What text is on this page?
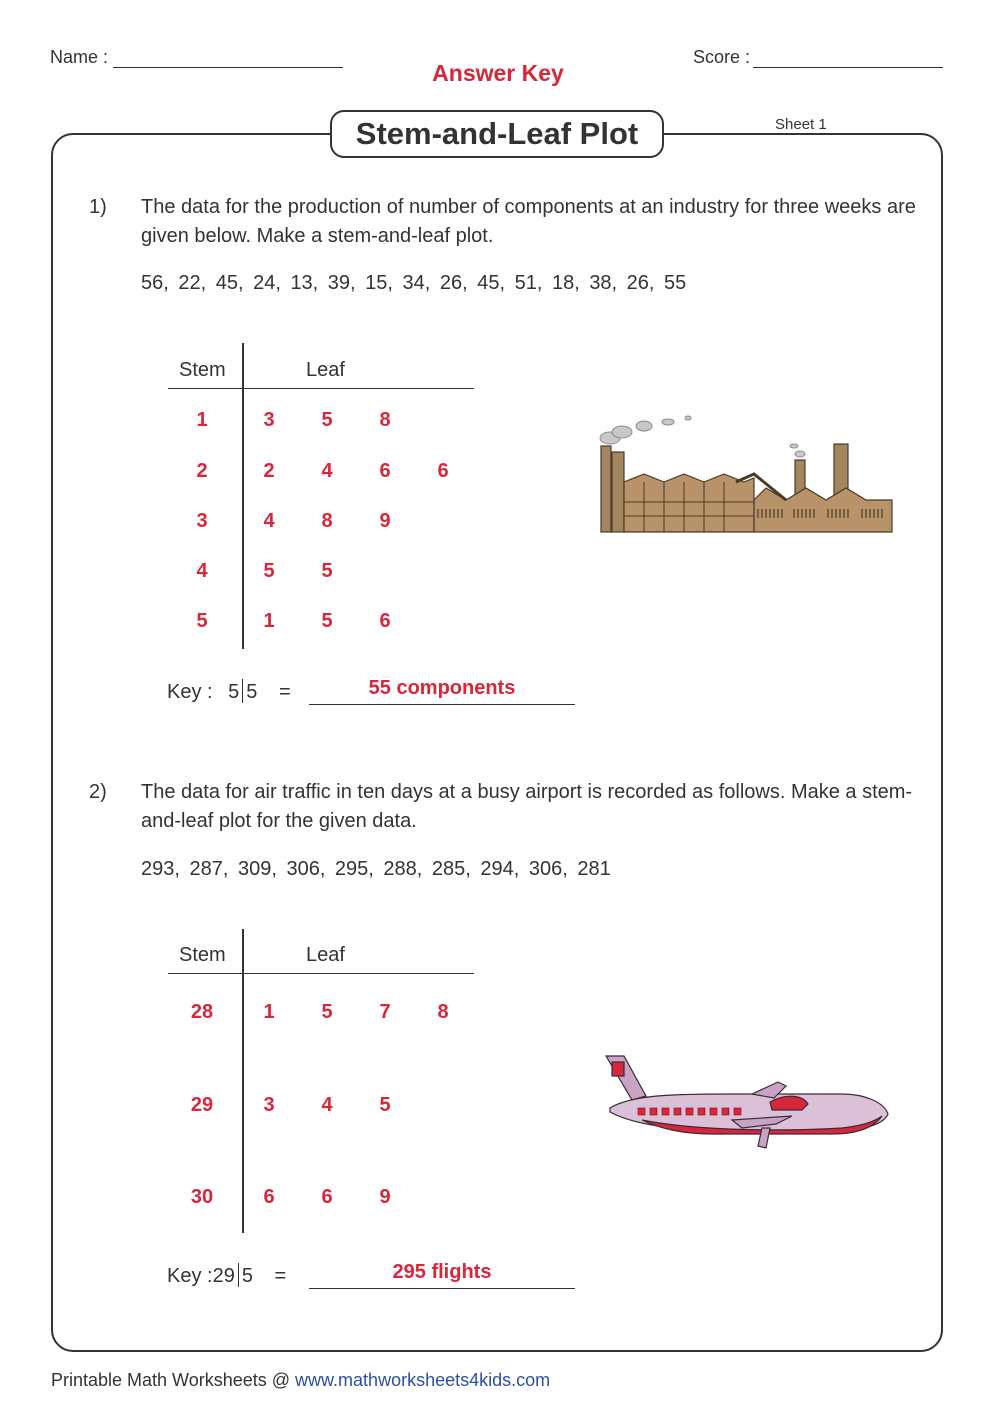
Name :	Score :
Answer Key
Stem-and-Leaf Plot	Sheet 1
1) The data for the production of number of components at an industry for three weeks are given below. Make a stem-and-leaf plot.
56, 22, 45, 24, 13, 39, 15, 34, 26, 45, 51, 18, 38, 26, 55
Stem	Leaf
1	3	5	8
2	2	4	6	6
3	4	8	9
4	5	5
5	1	5	6
Key : 5 5 =	55 components
2) The data for air traffic in ten days at a busy airport is recorded as follows. Make a stem-and-leaf plot for the given data.
293, 287, 309, 306, 295, 288, 285, 294, 306, 281
Stem	Leaf
28	1	5	7	8
29	3	4	5
30	6	6	9
Key :29 5 =	295 flights
Printable Math Worksheets @ www.mathworksheets4kids.com
